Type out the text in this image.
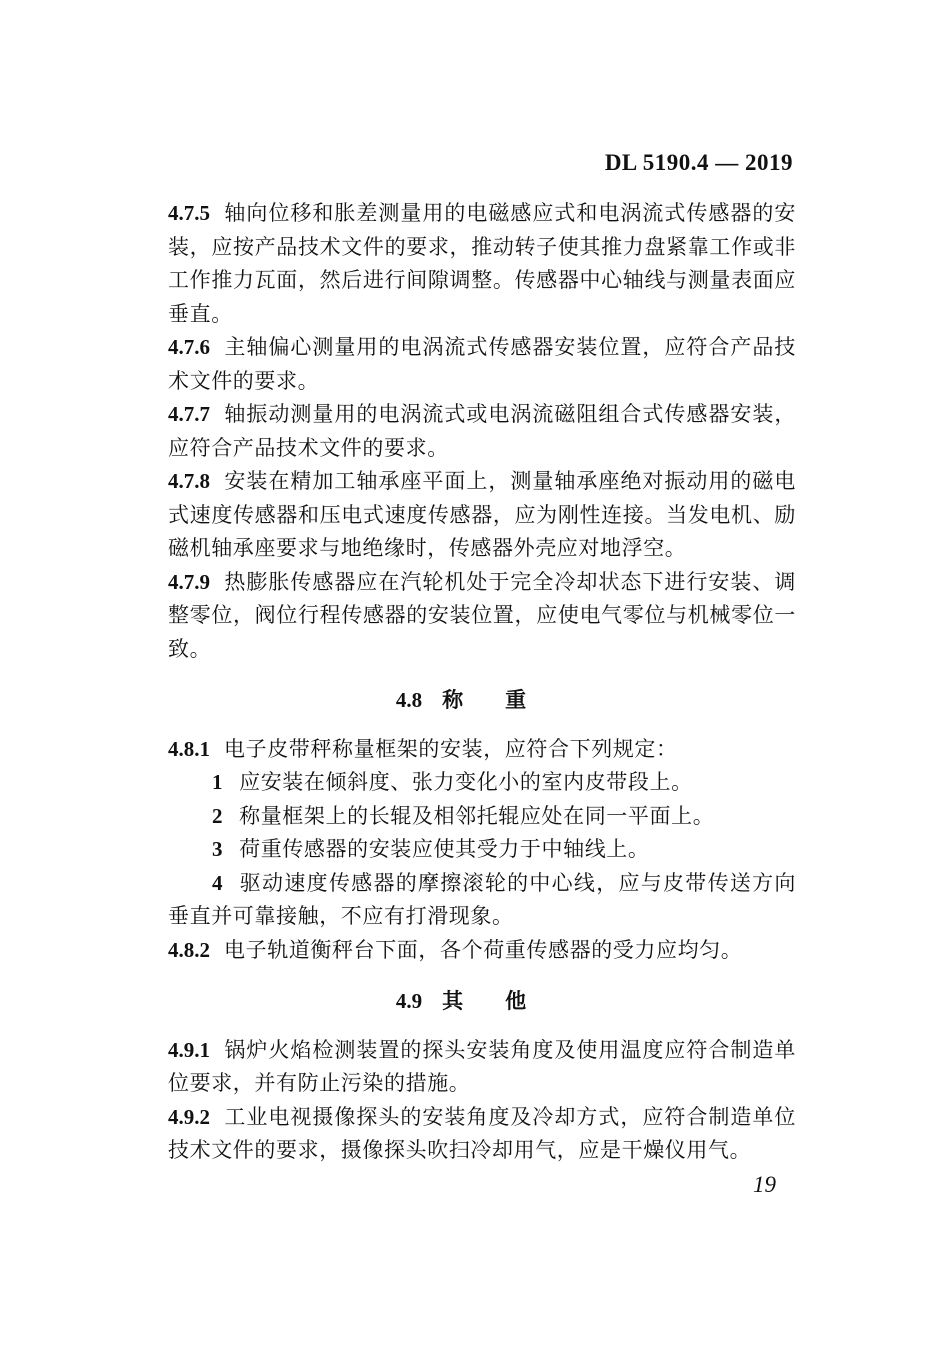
DL 5190.4 — 2019

4.7.5 轴向位移和胀差测量用的电磁感应式和电涡流式传感器的安装，应按产品技术文件的要求，推动转子使其推力盘紧靠工作或非工作推力瓦面，然后进行间隙调整。传感器中心轴线与测量表面应垂直。

4.7.6 主轴偏心测量用的电涡流式传感器安装位置，应符合产品技术文件的要求。

4.7.7 轴振动测量用的电涡流式或电涡流磁阻组合式传感器安装，应符合产品技术文件的要求。

4.7.8 安装在精加工轴承座平面上，测量轴承座绝对振动用的磁电式速度传感器和压电式速度传感器，应为刚性连接。当发电机、励磁机轴承座要求与地绝缘时，传感器外壳应对地浮空。

4.7.9 热膨胀传感器应在汽轮机处于完全冷却状态下进行安装、调整零位，阀位行程传感器的安装位置，应使电气零位与机械零位一致。

4.8 称重

4.8.1 电子皮带秤称量框架的安装，应符合下列规定：

1 应安装在倾斜度、张力变化小的室内皮带段上。

2 称量框架上的长辊及相邻托辊应处在同一平面上。

3 荷重传感器的安装应使其受力于中轴线上。

4 驱动速度传感器的摩擦滚轮的中心线，应与皮带传送方向垂直并可靠接触，不应有打滑现象。

4.8.2 电子轨道衡秤台下面，各个荷重传感器的受力应均匀。

4.9 其他

4.9.1 锅炉火焰检测装置的探头安装角度及使用温度应符合制造单位要求，并有防止污染的措施。

4.9.2 工业电视摄像探头的安装角度及冷却方式，应符合制造单位技术文件的要求，摄像探头吹扫冷却用气，应是干燥仪用气。

19
